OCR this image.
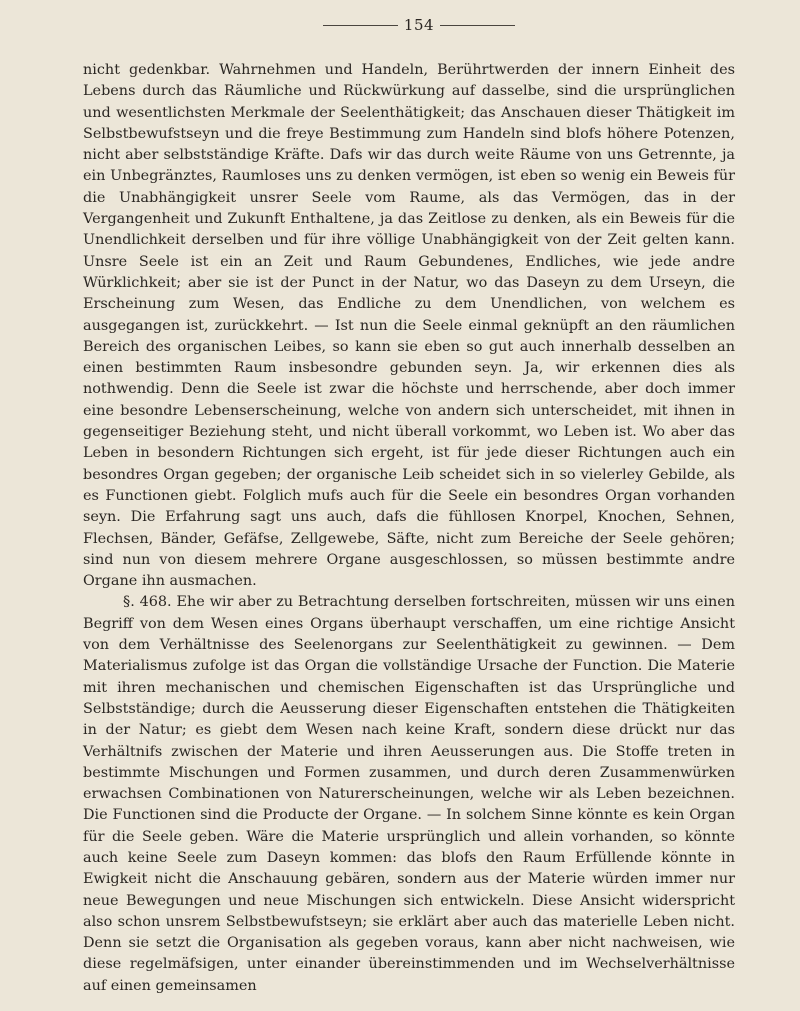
154

nicht gedenkbar. Wahrnehmen und Handeln, Berührtwerden der innern Einheit des Lebens durch das Räumliche und Rückwürkung auf dasselbe, sind die ursprünglichen und wesentlichsten Merkmale der Seelenthätigkeit; das Anschauen dieser Thätigkeit im Selbstbewufstseyn und die freye Bestimmung zum Handeln sind blofs höhere Potenzen, nicht aber selbstständige Kräfte. Dafs wir das durch weite Räume von uns Getrennte, ja ein Unbegränztes, Raumloses uns zu denken vermögen, ist eben so wenig ein Beweis für die Unabhängigkeit unsrer Seele vom Raume, als das Vermögen, das in der Vergangenheit und Zukunft Enthaltene, ja das Zeitlose zu denken, als ein Beweis für die Unendlichkeit derselben und für ihre völlige Unabhängigkeit von der Zeit gelten kann. Unsre Seele ist ein an Zeit und Raum Gebundenes, Endliches, wie jede andre Würklichkeit; aber sie ist der Punct in der Natur, wo das Daseyn zu dem Urseyn, die Erscheinung zum Wesen, das Endliche zu dem Unendlichen, von welchem es ausgegangen ist, zurückkehrt. — Ist nun die Seele einmal geknüpft an den räumlichen Bereich des organischen Leibes, so kann sie eben so gut auch innerhalb desselben an einen bestimmten Raum insbesondre gebunden seyn. Ja, wir erkennen dies als nothwendig. Denn die Seele ist zwar die höchste und herrschende, aber doch immer eine besondre Lebenserscheinung, welche von andern sich unterscheidet, mit ihnen in gegenseitiger Beziehung steht, und nicht überall vorkommt, wo Leben ist. Wo aber das Leben in besondern Richtungen sich ergeht, ist für jede dieser Richtungen auch ein besondres Organ gegeben; der organische Leib scheidet sich in so vielerley Gebilde, als es Functionen giebt. Folglich mufs auch für die Seele ein besondres Organ vorhanden seyn. Die Erfahrung sagt uns auch, dafs die fühllosen Knorpel, Knochen, Sehnen, Flechsen, Bänder, Gefäfse, Zellgewebe, Säfte, nicht zum Bereiche der Seele gehören; sind nun von diesem mehrere Organe ausgeschlossen, so müssen bestimmte andre Organe ihn ausmachen.

§. 468. Ehe wir aber zu Betrachtung derselben fortschreiten, müssen wir uns einen Begriff von dem Wesen eines Organs überhaupt verschaffen, um eine richtige Ansicht von dem Verhältnisse des Seelenorgans zur Seelenthätigkeit zu gewinnen. — Dem Materialismus zufolge ist das Organ die vollständige Ursache der Function. Die Materie mit ihren mechanischen und chemischen Eigenschaften ist das Ursprüngliche und Selbstständige; durch die Aeusserung dieser Eigenschaften entstehen die Thätigkeiten in der Natur; es giebt dem Wesen nach keine Kraft, sondern diese drückt nur das Verhältnifs zwischen der Materie und ihren Aeusserungen aus. Die Stoffe treten in bestimmte Mischungen und Formen zusammen, und durch deren Zusammenwürken erwachsen Combinationen von Naturerscheinungen, welche wir als Leben bezeichnen. Die Functionen sind die Producte der Organe. — In solchem Sinne könnte es kein Organ für die Seele geben. Wäre die Materie ursprünglich und allein vorhanden, so könnte auch keine Seele zum Daseyn kommen: das blofs den Raum Erfüllende könnte in Ewigkeit nicht die Anschauung gebären, sondern aus der Materie würden immer nur neue Bewegungen und neue Mischungen sich entwickeln. Diese Ansicht widerspricht also schon unsrem Selbstbewufstseyn; sie erklärt aber auch das materielle Leben nicht. Denn sie setzt die Organisation als gegeben voraus, kann aber nicht nachweisen, wie diese regelmäfsigen, unter einander übereinstimmenden und im Wechselverhältnisse auf einen gemeinsamen
